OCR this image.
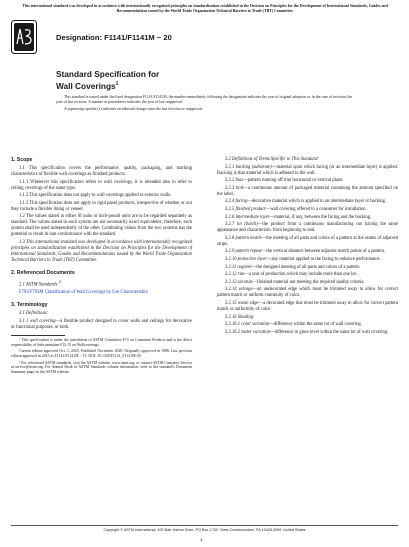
This international standard was developed in accordance with internationally recognized principles on standardization established in the Decision on Principles for the Development of International Standards, Guides and Recommendations issued by the World Trade Organization Technical Barriers to Trade (TBT) Committee.
Designation: F1141/F1141M − 20
Standard Specification for
Wall Coverings$^1$

This standard is issued under the fixed designation F1141/F1141M; the number immediately following the designation indicates the year of original adoption or, in the case of revision, the year of last revision. A number in parentheses indicates the year of last reapproval.

A superscript epsilon (ε) indicates an editorial change since the last revision or reapproval.

1. Scope

1.1 This specification covers the performance, quality, packaging, and marking characteristics of flexible wall coverings as finished products.

1.1.1 Whenever this specification refers to wall coverings, it is intended also to refer to ceiling coverings of the same type.

1.1.2 This specification does not apply to wall coverings applied to exterior walls.

1.1.3 This specification does not apply to rigid panel products, irrespective of whether or not they include a flexible lining or veneer.

1.2 The values stated in either SI units or inch-pound units are to be regarded separately as standard. The values stated in each system are not necessarily exact equivalents; therefore, each system shall be used independently of the other. Combining values from the two systems has the potential to result in non-conformance with the standard.

1.3 This international standard was developed in accordance with internationally recognized principles on standardization established in the Decision on Principles for the Development of International Standards, Guides and Recommendations issued by the World Trade Organization Technical Barriers to Trade (TBT) Committee.

2. Referenced Documents

2.1 ASTM Standards:$^2$

F793/F793M Classification of Wall Coverings by Use Characteristics

3. Terminology

3.1 Definitions:

3.1.1 wall covering—a flexible product designed to cover walls and ceilings for decorative or functional purposes, or both.

¹ This specification is under the jurisdiction of ASTM Committee F15 on Consumer Products and is the direct responsibility of Subcommittee F15.15 on Wallcoverings.

Current edition approved Oct. 1, 2020. Published November 2020. Originally approved in 1988. Last previous edition approved in 2015 as F1141/F1141M − 15. DOI: 10.1520/F1141_F1141M-20.

² For referenced ASTM standards, visit the ASTM website, www.astm.org, or contact ASTM Customer Service at service@astm.org. For Annual Book of ASTM Standards volume information, refer to the standard's Document Summary page on the ASTM website.

3.2 Definitions of Terms Specific to This Standard:

3.2.1 backing (substrate)—material upon which facing (or an intermediate layer) is applied. Backing is that material which is adhered to the wall.

3.2.2 bias—pattern running off true horizontal or vertical plane.

3.2.3 bolt—a continuous amount of packaged material containing the amount specified on the label.

3.2.4 facing—decorative material which is applied to an intermediate layer or backing.

3.2.5 finished product—wall covering offered to a consumer for installation.

3.2.6 intermediate layer—material, if any, between the facing and the backing.

3.2.7 lot (batch)—the product from a continuous manufacturing run having the same appearance and characteristic from beginning to end.

3.2.8 pattern match—the meeting of all parts and colors of a pattern at the seams of adjacent strips.

3.2.9 pattern repeat—the vertical distance between adjacent match points of a pattern.

3.2.10 protective layer—any material applied to the facing to enhance performance.

3.2.11 register—the designed meeting of all parts and colors of a pattern.

3.2.12 run—a unit of production which may include more than one lot.

3.2.13 seconds—finished material not meeting the required quality criteria.

3.2.14 selvage—an undecorated edge which must be trimmed away to allow for correct pattern match or uniform continuity of color.

3.2.15 waste edge—a decorated edge that must be trimmed away to allow for correct pattern match or uniformity of color.

3.2.16 Shading:

3.2.16.1 color variation—difference within the same lot of wall covering.

3.2.16.2 luster variation—difference in gloss level within the same lot of wall covering.

Copyright © ASTM International, 100 Barr Harbor Drive, PO Box C700, West Conshohocken, PA 19428-2959. United States
1
